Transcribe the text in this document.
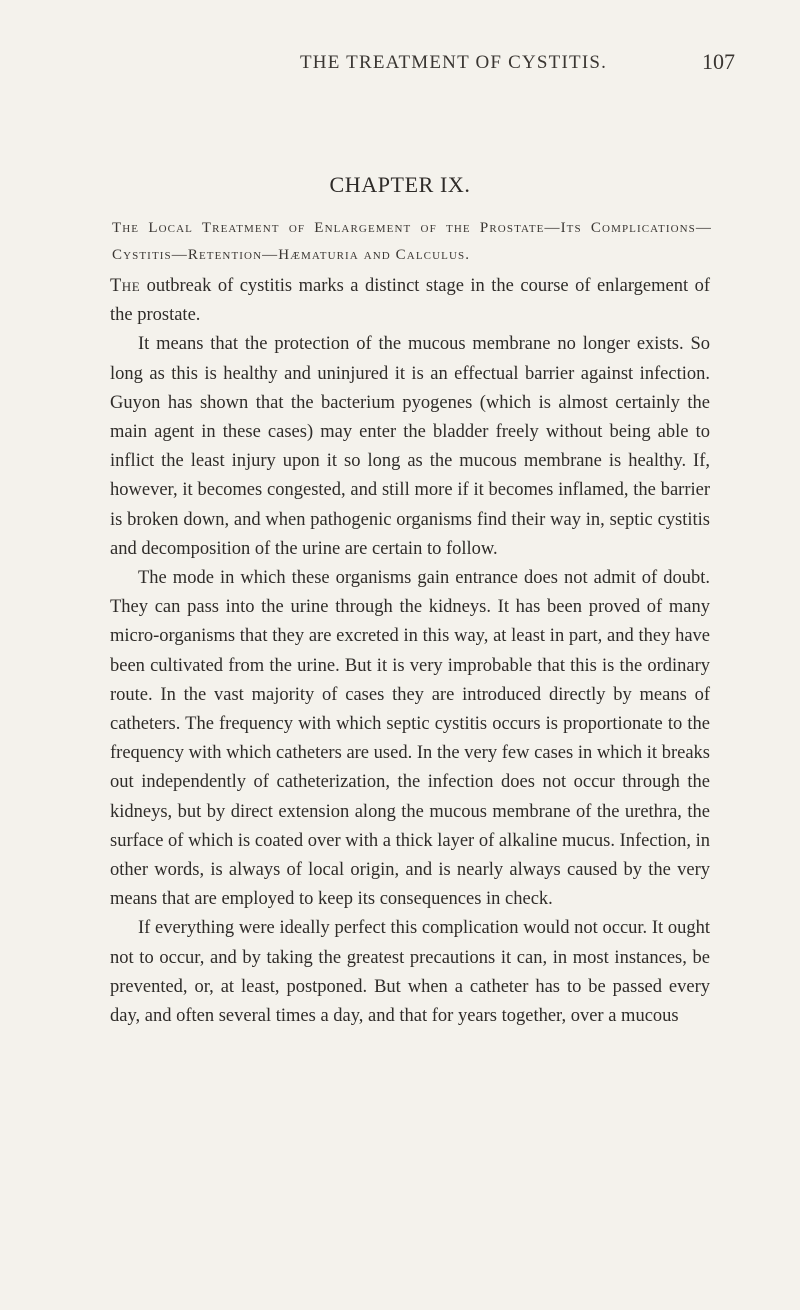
THE TREATMENT OF CYSTITIS.	107
CHAPTER IX.
The Local Treatment of Enlargement of the Prostate—Its Complications—Cystitis—Retention—Hæmaturia and Calculus.

The outbreak of cystitis marks a distinct stage in the course of enlargement of the prostate.

It means that the protection of the mucous membrane no longer exists. So long as this is healthy and uninjured it is an effectual barrier against infection. Guyon has shown that the bacterium pyogenes (which is almost certainly the main agent in these cases) may enter the bladder freely without being able to inflict the least injury upon it so long as the mucous membrane is healthy. If, however, it becomes congested, and still more if it becomes inflamed, the barrier is broken down, and when pathogenic organisms find their way in, septic cystitis and decomposition of the urine are certain to follow.

The mode in which these organisms gain entrance does not admit of doubt. They can pass into the urine through the kidneys. It has been proved of many micro-organisms that they are excreted in this way, at least in part, and they have been cultivated from the urine. But it is very improbable that this is the ordinary route. In the vast majority of cases they are introduced directly by means of catheters. The frequency with which septic cystitis occurs is proportionate to the frequency with which catheters are used. In the very few cases in which it breaks out independently of catheterization, the infection does not occur through the kidneys, but by direct extension along the mucous membrane of the urethra, the surface of which is coated over with a thick layer of alkaline mucus. Infection, in other words, is always of local origin, and is nearly always caused by the very means that are employed to keep its consequences in check.

If everything were ideally perfect this complication would not occur. It ought not to occur, and by taking the greatest precautions it can, in most instances, be prevented, or, at least, postponed. But when a catheter has to be passed every day, and often several times a day, and that for years together, over a mucous
